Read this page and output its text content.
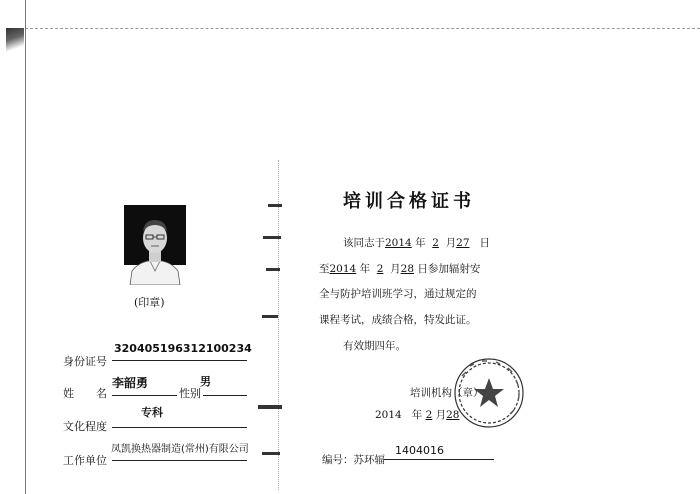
(印章)
320405196312100234
身份证号
李韶勇	男
姓　　名	性别
专科
文化程度
凤凯换热器制造(常州)有限公司
工作单位
培训合格证书
该同志于2014 年 2 月27 日
至2014 年 2 月28 日参加辐射安
全与防护培训班学习，通过规定的
课程考试，成绩合格，特发此证。
有效期四年。
培训机构（章）
2014 年 2 月28
编号：苏环辐
1404016
